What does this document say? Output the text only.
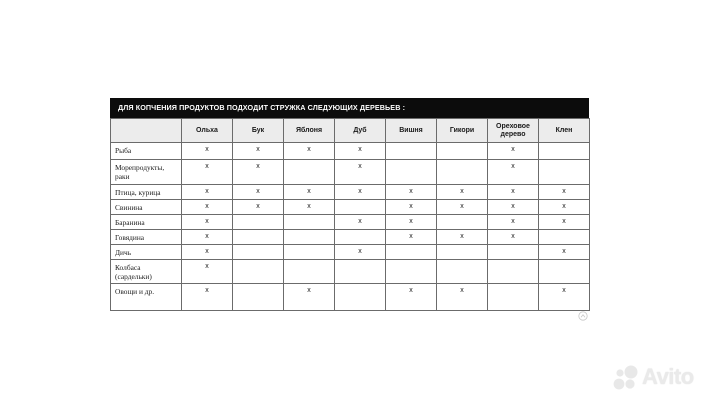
ДЛЯ КОПЧЕНИЯ ПРОДУКТОВ ПОДХОДИТ СТРУЖКА СЛЕДУЮЩИХ ДЕРЕВЬЕВ :
	Ольха	Бук	Яблоня	Дуб	Вишня	Гикори	Ореховое дерево	Клен
Рыба	x	x	x	x			x	
Морепродукты, раки	x	x		x			x	
Птица, курица	x	x	x	x	x	x	x	x
Свинина	x	x	x		x	x	x	x
Баранина	x			x	x		x	x
Говядина	x				x	x	x	
Дичь	x			x				x
Колбаса (сардельки)	x							
Овощи и др.	x		x		x	x		x
Avito
